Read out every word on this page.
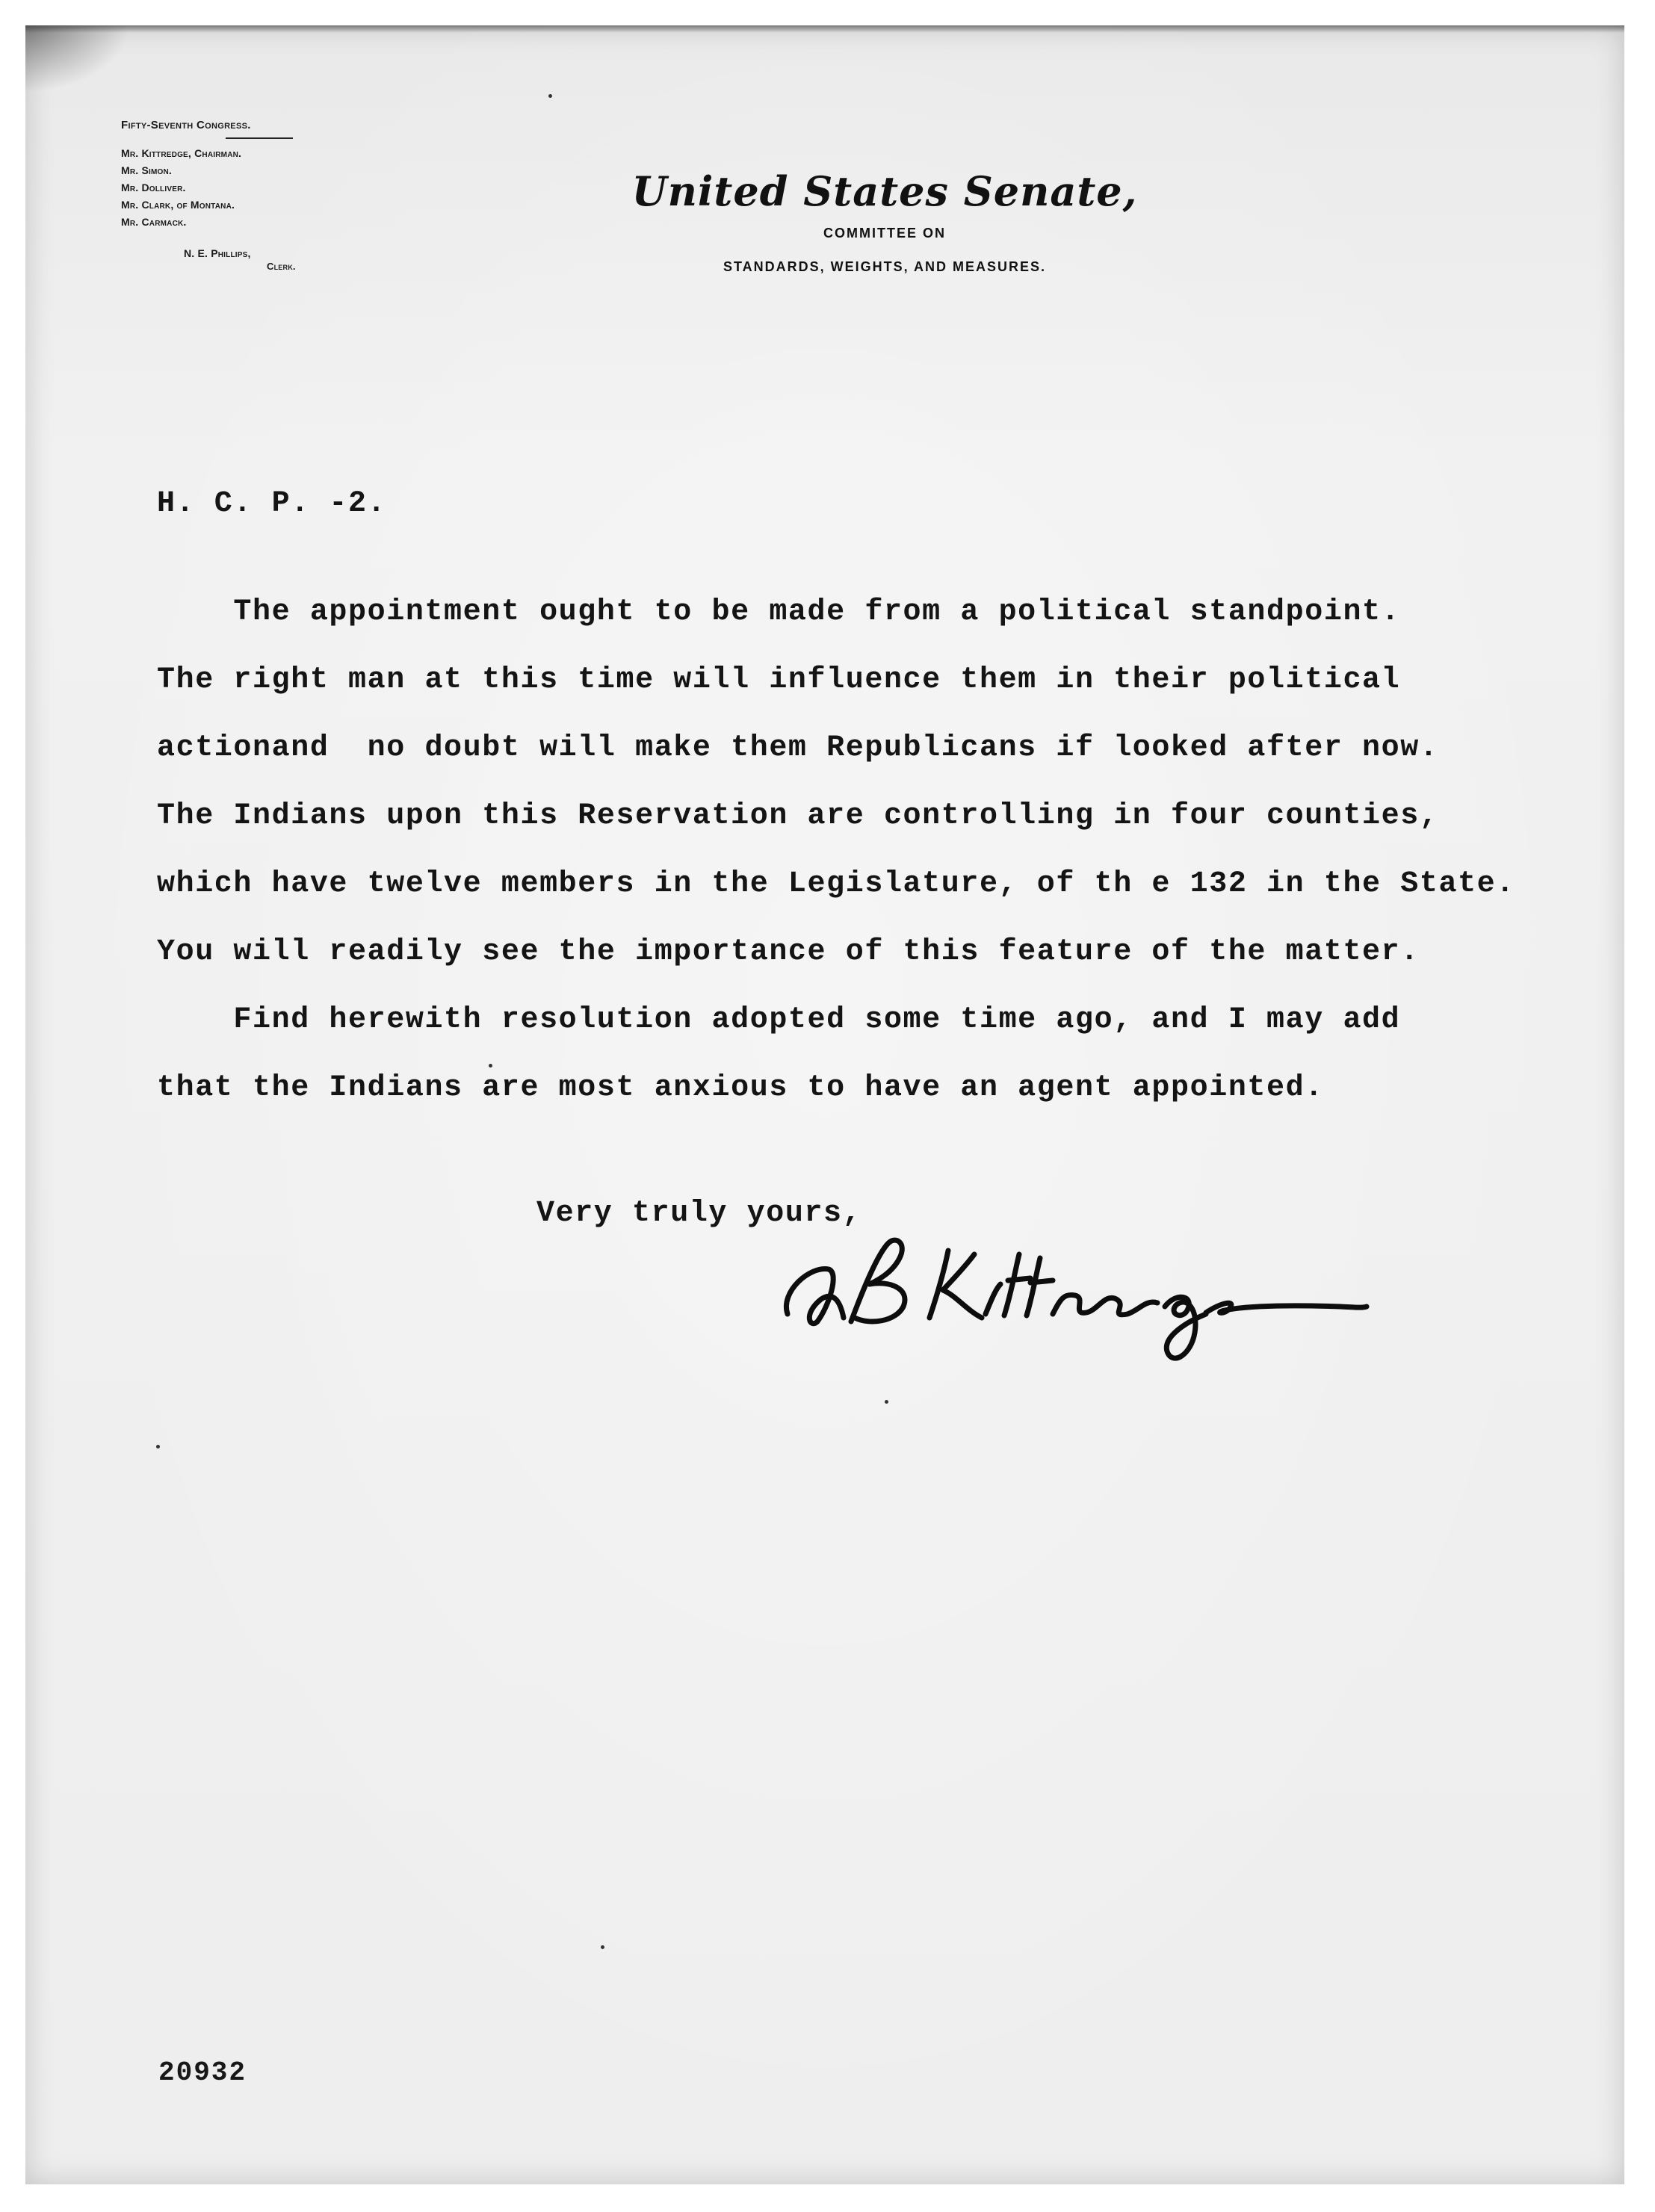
Fifty-Seventh Congress.
Mr. Kittredge, Chairman.
Mr. Simon.
Mr. Dolliver.
Mr. Clark, of Montana.
Mr. Carmack.
N. E. Phillips,
Clerk.
United States Senate,
COMMITTEE ON
STANDARDS, WEIGHTS, AND MEASURES.
H. C. P. -2.
The appointment ought to be made from a political standpoint.
The right man at this time will influence them in their political
actionand  no doubt will make them Republicans if looked after now.
The Indians upon this Reservation are controlling in four counties,
which have twelve members in the Legislature, of th e 132 in the State.
You will readily see the importance of this feature of the matter.
Find herewith resolution adopted some time ago, and I may add
that the Indians are most anxious to have an agent appointed.
Very truly yours,
20932
